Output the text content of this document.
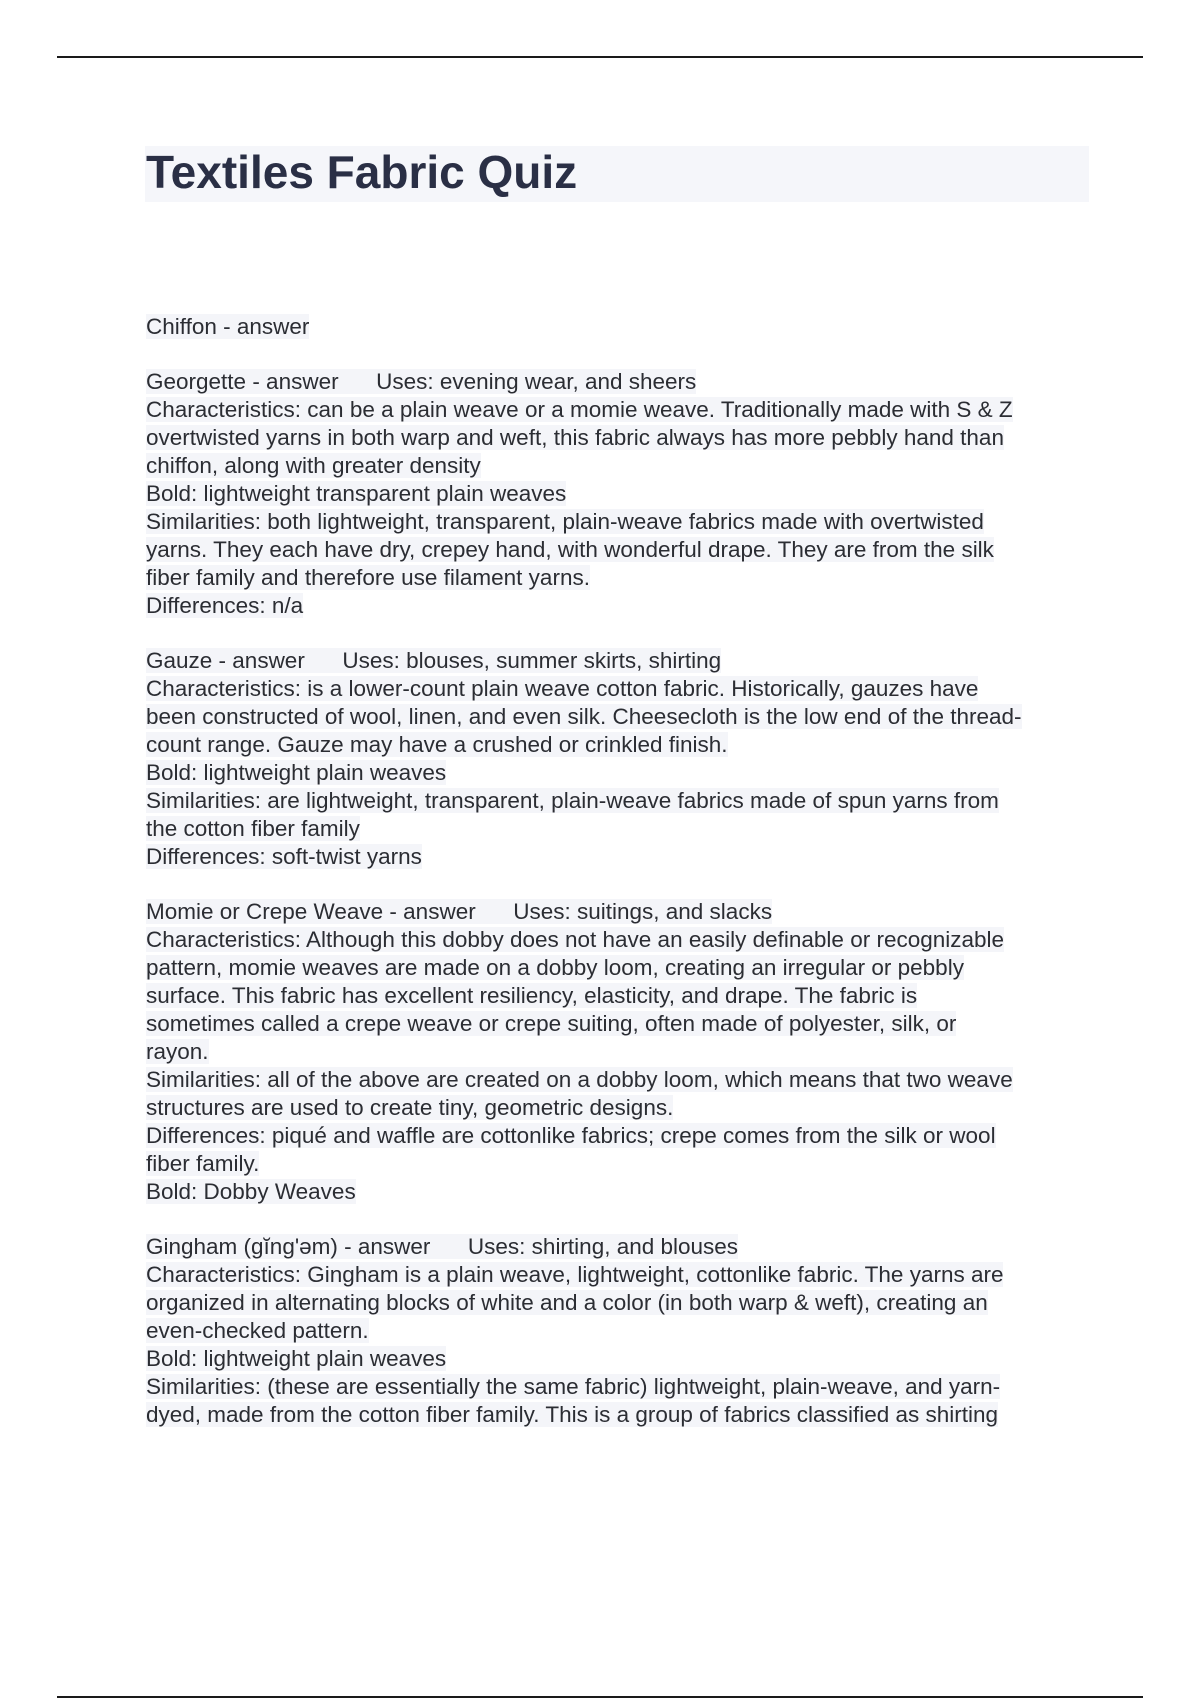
Textiles Fabric Quiz
Chiffon - answer
Georgette - answer      Uses: evening wear, and sheers
Characteristics: can be a plain weave or a momie weave. Traditionally made with S & Z
overtwisted yarns in both warp and weft, this fabric always has more pebbly hand than
chiffon, along with greater density
Bold: lightweight transparent plain weaves
Similarities: both lightweight, transparent, plain-weave fabrics made with overtwisted
yarns. They each have dry, crepey hand, with wonderful drape. They are from the silk
fiber family and therefore use filament yarns.
Differences: n/a
Gauze - answer      Uses: blouses, summer skirts, shirting
Characteristics: is a lower-count plain weave cotton fabric. Historically, gauzes have
been constructed of wool, linen, and even silk. Cheesecloth is the low end of the thread-
count range. Gauze may have a crushed or crinkled finish.
Bold: lightweight plain weaves
Similarities: are lightweight, transparent, plain-weave fabrics made of spun yarns from
the cotton fiber family
Differences: soft-twist yarns
Momie or Crepe Weave - answer      Uses: suitings, and slacks
Characteristics: Although this dobby does not have an easily definable or recognizable
pattern, momie weaves are made on a dobby loom, creating an irregular or pebbly
surface. This fabric has excellent resiliency, elasticity, and drape. The fabric is
sometimes called a crepe weave or crepe suiting, often made of polyester, silk, or
rayon.
Similarities: all of the above are created on a dobby loom, which means that two weave
structures are used to create tiny, geometric designs.
Differences: piqué and waffle are cottonlike fabrics; crepe comes from the silk or wool
fiber family.
Bold: Dobby Weaves
Gingham (gĭng'əm) - answer      Uses: shirting, and blouses
Characteristics: Gingham is a plain weave, lightweight, cottonlike fabric. The yarns are
organized in alternating blocks of white and a color (in both warp & weft), creating an
even-checked pattern.
Bold: lightweight plain weaves
Similarities: (these are essentially the same fabric) lightweight, plain-weave, and yarn-
dyed, made from the cotton fiber family. This is a group of fabrics classified as shirting
